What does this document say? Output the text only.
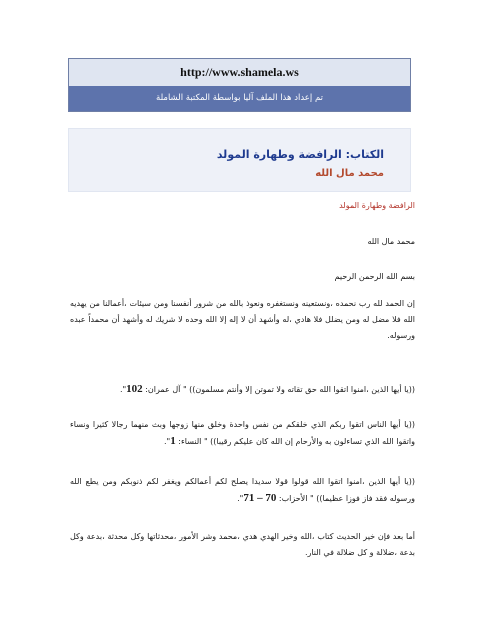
http://www.shamela.ws
تم إعداد هذا الملف آليا بواسطة المكتبة الشاملة
الكتاب: الرافضة وطهارة المولد
محمد مال الله
الرافضة وطهارة المولد
محمد مال الله
بسم الله الرحمن الرحيم
إن الحمد لله رب نحمده ،ونستعينه ونستغفره ونعوذ بالله من شرور أنفسنا ومن سيئات ،أعمالنا من يهديه الله فلا مضل له ومن يضلل فلا هادي ،له وأشهد أن لا إله إلا الله وحده لا شريك له وأشهد أن محمداً عبده ورسوله.
((يا أيها الذين ،امنوا اتقوا الله حق تقاته ولا تموتن إلا وأنتم مسلمون)) " آل عمران: 102".
((يا أيها الناس اتقوا ربكم الذي خلقكم من نفس واحدة وخلق منها زوجها وبث منهما رجالا كثيرا ونساء واتقوا الله الذي تساءلون به والأرحام إن الله كان عليكم رقيبا)) " النساء: 1".
((يا أيها الذين ،امنوا اتقوا الله قولوا قولا سديدا يصلح لكم أعمالكم ويغفر لكم ذنوبكم ومن يطع الله ورسوله فقد فاز فوزا عظيما)) " الأحزاب: 70 – 71".
أما بعد فإن خير الحديث كتاب ،الله وخير الهدي هدي ،محمد وشر الأمور ،محدثاتها وكل محدثة ،بدعة وكل بدعة ،ضلالة و كل ضلالة في النار.
